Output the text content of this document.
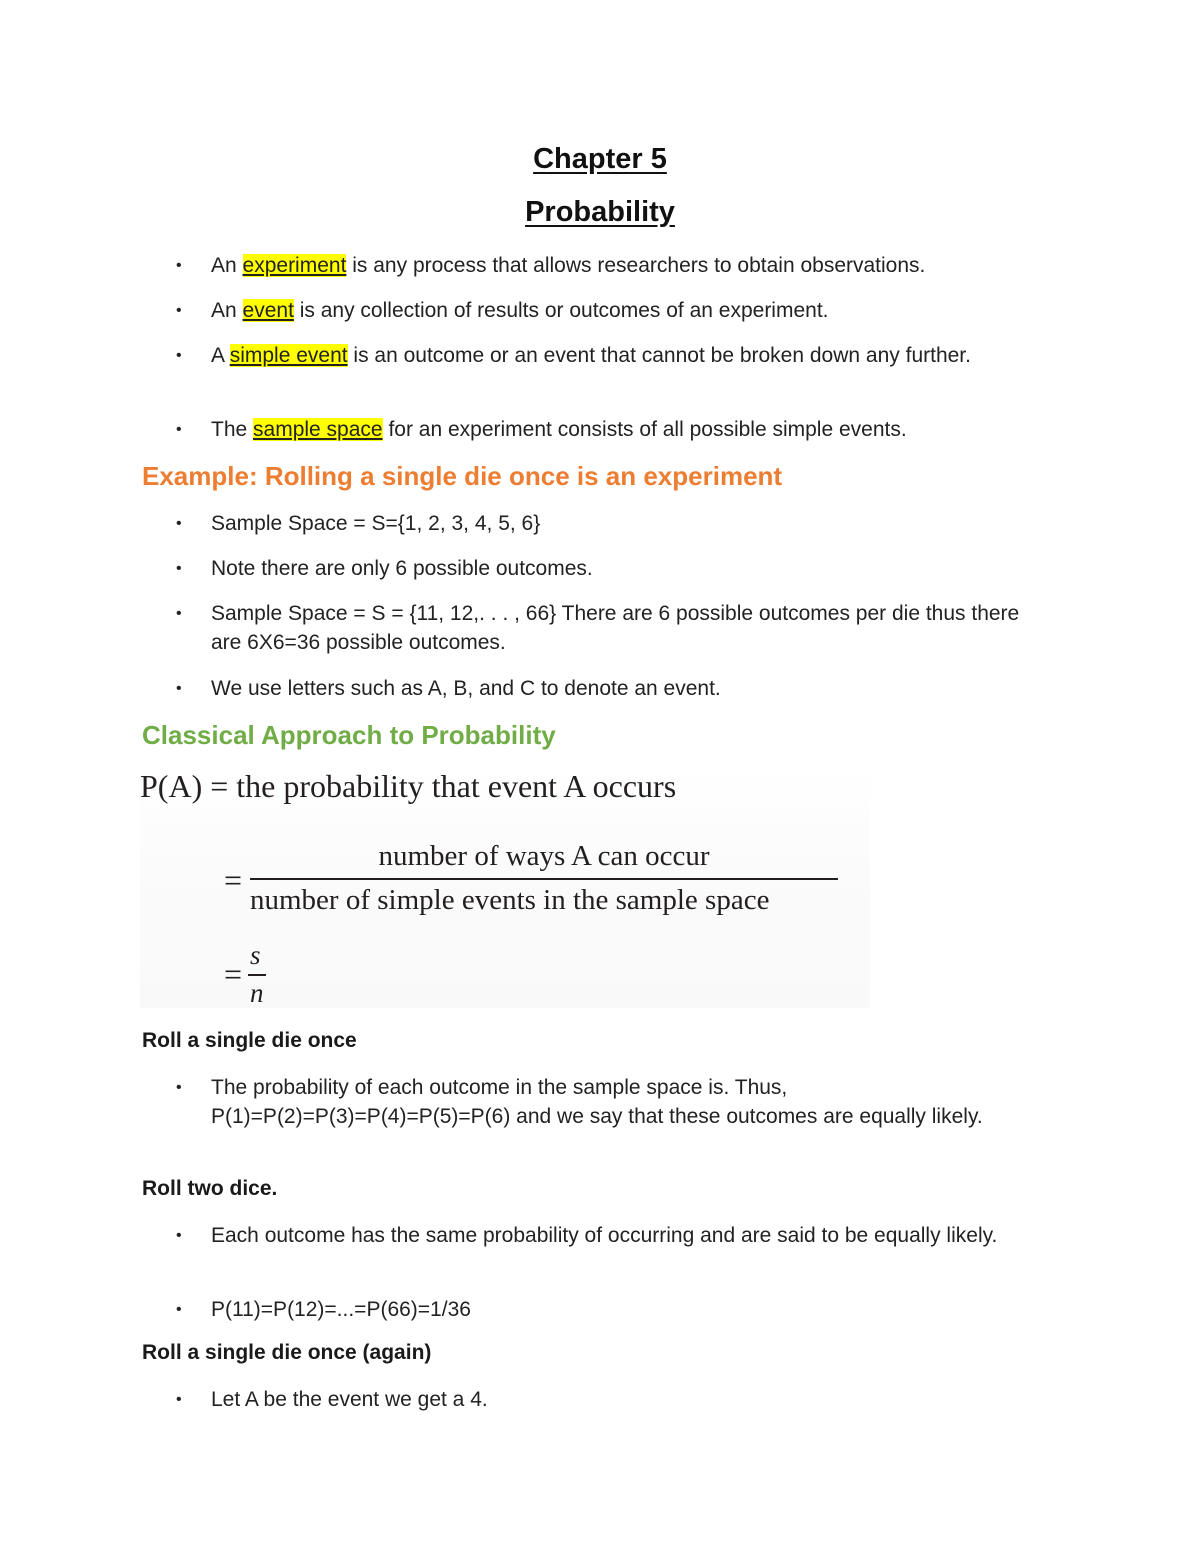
Chapter 5
Probability
•	An experiment is any process that allows researchers to obtain observations.
•	An event is any collection of results or outcomes of an experiment.
•	A simple event is an outcome or an event that cannot be broken down any further.
•	The sample space for an experiment consists of all possible simple events.
Example: Rolling a single die once is an experiment
•	Sample Space = S={1, 2, 3, 4, 5, 6}
•	Note there are only 6 possible outcomes.
•	Sample Space = S = {11, 12,. . . , 66} There are 6 possible outcomes per die thus there are 6X6=36 possible outcomes.
•	We use letters such as A, B, and C to denote an event.
Classical Approach to Probability
P(A) = the probability that event A occurs
=
number of ways A can occur
number of simple events in the sample space
=
s
n
Roll a single die once
•	The probability of each outcome in the sample space is. Thus, P(1)=P(2)=P(3)=P(4)=P(5)=P(6) and we say that these outcomes are equally likely.
Roll two dice.
•	Each outcome has the same probability of occurring and are said to be equally likely.
•	P(11)=P(12)=...=P(66)=1/36
Roll a single die once (again)
•	Let A be the event we get a 4.
